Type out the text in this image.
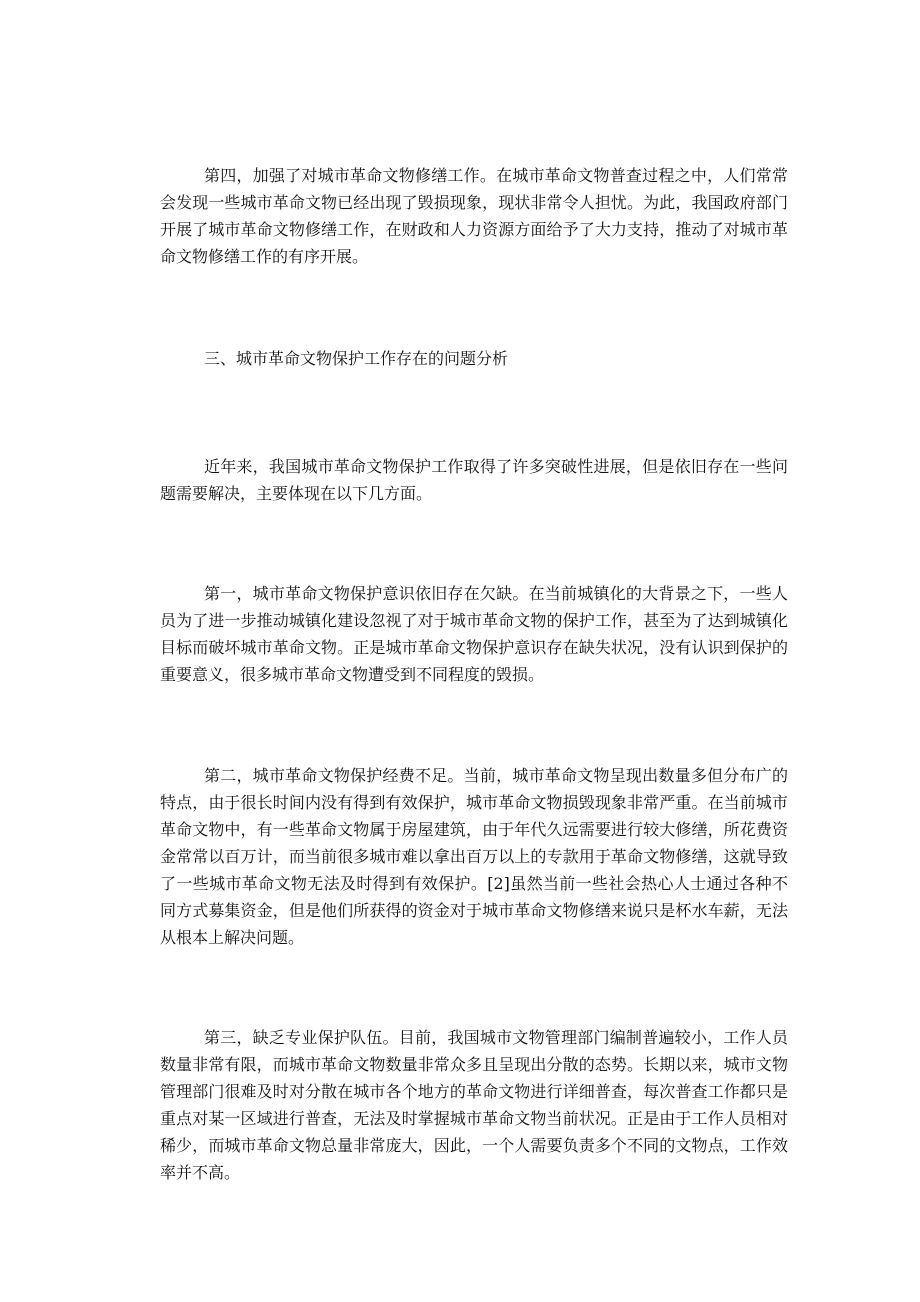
第四，加强了对城市革命文物修缮工作。在城市革命文物普查过程之中，人们常常会发现一些城市革命文物已经出现了毁损现象，现状非常令人担忧。为此，我国政府部门开展了城市革命文物修缮工作，在财政和人力资源方面给予了大力支持，推动了对城市革命文物修缮工作的有序开展。

三、城市革命文物保护工作存在的问题分析

近年来，我国城市革命文物保护工作取得了许多突破性进展，但是依旧存在一些问题需要解决，主要体现在以下几方面。

第一，城市革命文物保护意识依旧存在欠缺。在当前城镇化的大背景之下，一些人员为了进一步推动城镇化建设忽视了对于城市革命文物的保护工作，甚至为了达到城镇化目标而破坏城市革命文物。正是城市革命文物保护意识存在缺失状况，没有认识到保护的重要意义，很多城市革命文物遭受到不同程度的毁损。

第二，城市革命文物保护经费不足。当前，城市革命文物呈现出数量多但分布广的特点，由于很长时间内没有得到有效保护，城市革命文物损毁现象非常严重。在当前城市革命文物中，有一些革命文物属于房屋建筑，由于年代久远需要进行较大修缮，所花费资金常常以百万计，而当前很多城市难以拿出百万以上的专款用于革命文物修缮，这就导致了一些城市革命文物无法及时得到有效保护。[2]虽然当前一些社会热心人士通过各种不同方式募集资金，但是他们所获得的资金对于城市革命文物修缮来说只是杯水车薪，无法从根本上解决问题。

第三，缺乏专业保护队伍。目前，我国城市文物管理部门编制普遍较小，工作人员数量非常有限，而城市革命文物数量非常众多且呈现出分散的态势。长期以来，城市文物管理部门很难及时对分散在城市各个地方的革命文物进行详细普查，每次普查工作都只是重点对某一区域进行普查，无法及时掌握城市革命文物当前状况。正是由于工作人员相对稀少，而城市革命文物总量非常庞大，因此，一个人需要负责多个不同的文物点，工作效率并不高。
